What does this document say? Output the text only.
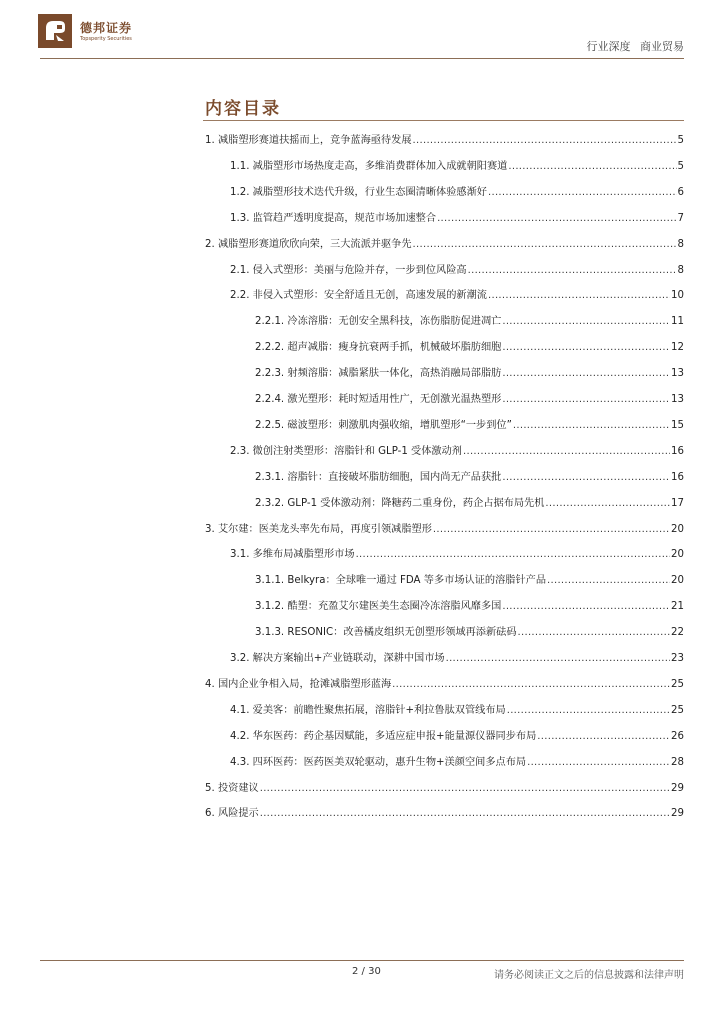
德邦证券
Topsperity Securities
行业深度 商业贸易
内容目录
1. 减脂塑形赛道扶摇而上，竞争蓝海亟待发展 .....	5
1.1. 减脂塑形市场热度走高，多维消费群体加入成就朝阳赛道 .....	5
1.2. 减脂塑形技术迭代升级，行业生态圈清晰体验感渐好 .....	6
1.3. 监管趋严透明度提高，规范市场加速整合 .....	7
2. 减脂塑形赛道欣欣向荣，三大流派并驱争先 .....	8
2.1. 侵入式塑形：美丽与危险并存，一步到位风险高 .....	8
2.2. 非侵入式塑形：安全舒适且无创，高速发展的新潮流 .....	10
2.2.1. 冷冻溶脂：无创安全黑科技，冻伤脂肪促进凋亡 .....	11
2.2.2. 超声减脂：瘦身抗衰两手抓，机械破坏脂肪细胞 .....	12
2.2.3. 射频溶脂：减脂紧肤一体化，高热消融局部脂肪 .....	13
2.2.4. 激光塑形：耗时短适用性广，无创激光温热塑形 .....	13
2.2.5. 磁波塑形：刺激肌肉强收缩，增肌塑形“一步到位” .....	15
2.3. 微创注射类塑形：溶脂针和 GLP-1 受体激动剂 .....	16
2.3.1. 溶脂针：直接破坏脂肪细胞，国内尚无产品获批 .....	16
2.3.2. GLP-1 受体激动剂：降糖药二重身份，药企占据布局先机 .....	17
3. 艾尔建：医美龙头率先布局，再度引领减脂塑形 .....	20
3.1. 多维布局减脂塑形市场 .....	20
3.1.1. Belkyra：全球唯一通过 FDA 等多市场认证的溶脂针产品 .....	20
3.1.2. 酷塑：充盈艾尔建医美生态圈冷冻溶脂风靡多国 .....	21
3.1.3. RESONIC：改善橘皮组织无创塑形领域再添新砝码 .....	22
3.2. 解决方案输出+产业链联动，深耕中国市场 .....	23
4. 国内企业争相入局，抢滩减脂塑形蓝海 .....	25
4.1. 爱美客：前瞻性聚焦拓展，溶脂针+利拉鲁肽双管线布局 .....	25
4.2. 华东医药：药企基因赋能，多适应症申报+能量源仪器同步布局 .....	26
4.3. 四环医药：医药医美双轮驱动，惠升生物+渼颜空间多点布局 .....	28
5. 投资建议 .....	29
6. 风险提示 .....	29
2 / 30	请务必阅读正文之后的信息披露和法律声明
